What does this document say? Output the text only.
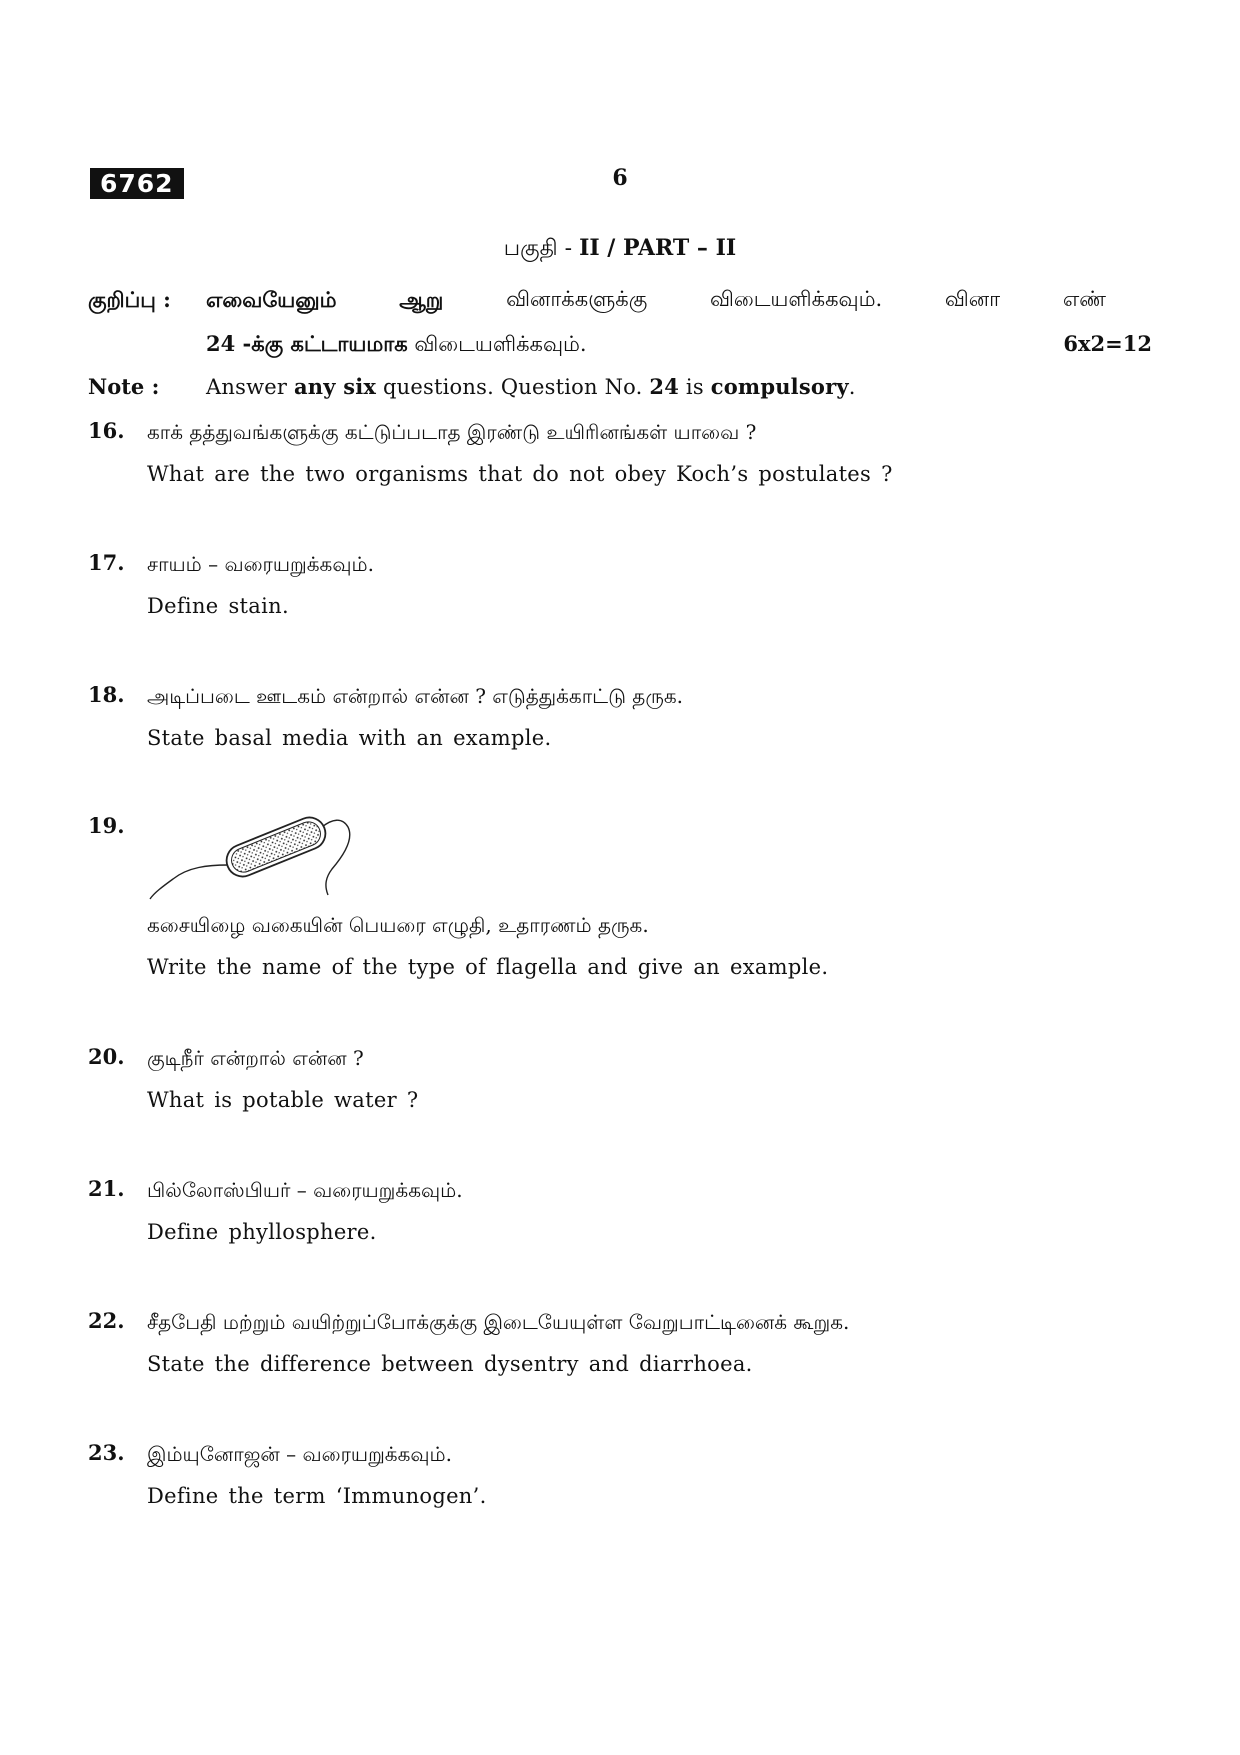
6762	6
பகுதி - II / PART – II
குறிப்பு : எவையேனும்	ஆறு	வினாக்களுக்கு	விடையளிக்கவும்.	வினா	எண்
24 -க்கு கட்டாயமாக விடையளிக்கவும்.	6x2=12
Note : Answer any six questions. Question No. 24 is compulsory.
16. காக் தத்துவங்களுக்கு கட்டுப்படாத இரண்டு உயிரினங்கள் யாவை ?
What are the two organisms that do not obey Koch’s postulates ?
17. சாயம் – வரையறுக்கவும்.
Define stain.
18. அடிப்படை ஊடகம் என்றால் என்ன ? எடுத்துக்காட்டு தருக.
State basal media with an example.
19.
கசையிழை வகையின் பெயரை எழுதி, உதாரணம் தருக.
Write the name of the type of flagella and give an example.
20. குடிநீர் என்றால் என்ன ?
What is potable water ?
21. பில்லோஸ்பியர் – வரையறுக்கவும்.
Define phyllosphere.
22. சீதபேதி மற்றும் வயிற்றுப்போக்குக்கு இடையேயுள்ள வேறுபாட்டினைக் கூறுக.
State the difference between dysentry and diarrhoea.
23. இம்யுனோஜன் – வரையறுக்கவும்.
Define the term ‘Immunogen’.
